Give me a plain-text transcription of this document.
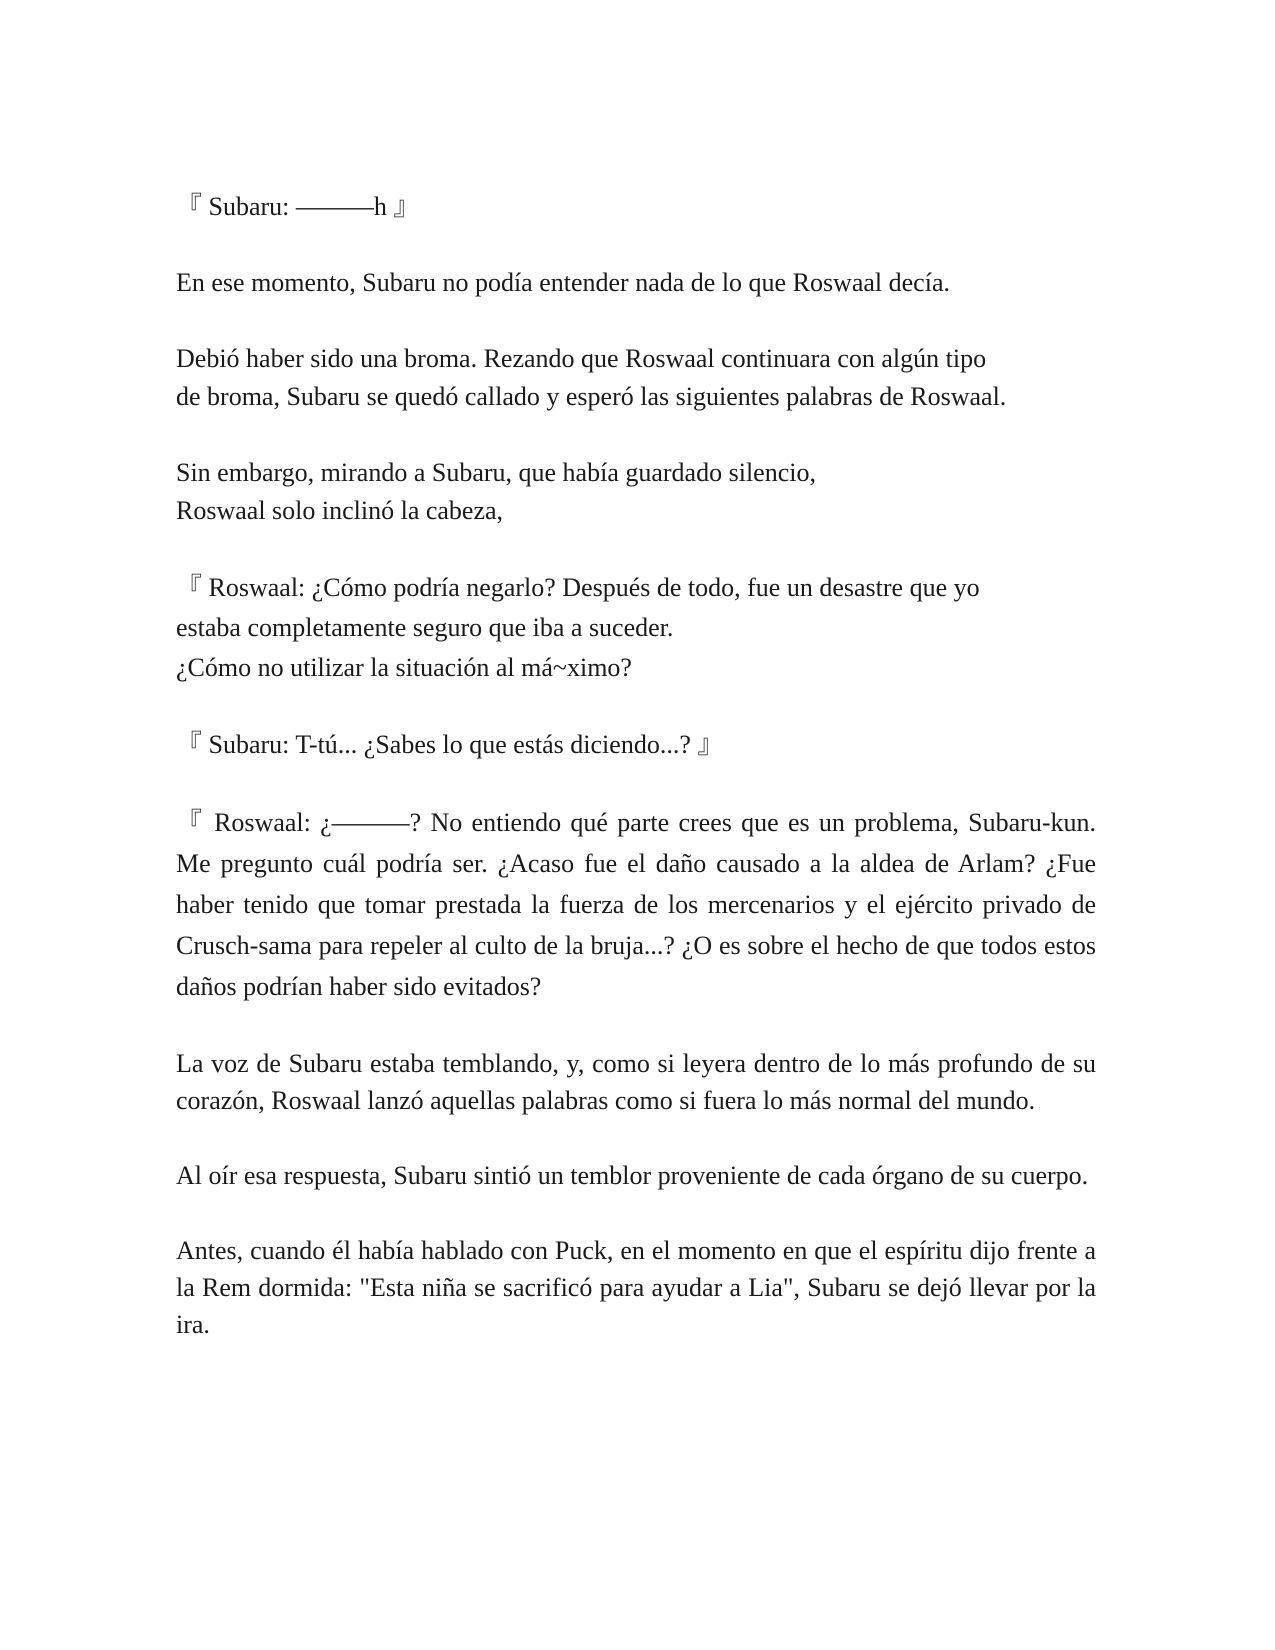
『 Subaru: ―――h 』

En ese momento, Subaru no podía entender nada de lo que Roswaal decía.

Debió haber sido una broma. Rezando que Roswaal continuara con algún tipo
de broma, Subaru se quedó callado y esperó las siguientes palabras de Roswaal.

Sin embargo, mirando a Subaru, que había guardado silencio,
Roswaal solo inclinó la cabeza,

『 Roswaal: ¿Cómo podría negarlo? Después de todo, fue un desastre que yo
estaba completamente seguro que iba a suceder.
¿Cómo no utilizar la situación al má~ximo?

『 Subaru: T-tú... ¿Sabes lo que estás diciendo...? 』

『 Roswaal: ¿―――? No entiendo qué parte crees que es un problema, Subaru-kun. Me pregunto cuál podría ser. ¿Acaso fue el daño causado a la aldea de Arlam? ¿Fue haber tenido que tomar prestada la fuerza de los mercenarios y el ejército privado de Crusch-sama para repeler al culto de la bruja...? ¿O es sobre el hecho de que todos estos daños podrían haber sido evitados?

La voz de Subaru estaba temblando, y, como si leyera dentro de lo más profundo de su corazón, Roswaal lanzó aquellas palabras como si fuera lo más normal del mundo.

Al oír esa respuesta, Subaru sintió un temblor proveniente de cada órgano de su cuerpo.

Antes, cuando él había hablado con Puck, en el momento en que el espíritu dijo frente a la Rem dormida: "Esta niña se sacrificó para ayudar a Lia", Subaru se dejó llevar por la ira.
